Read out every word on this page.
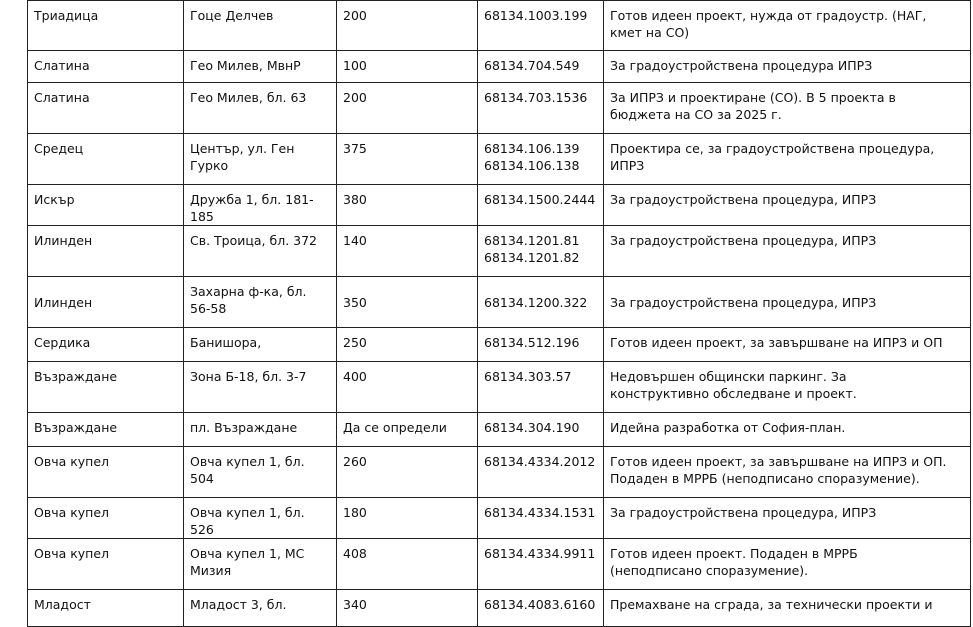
Триадица	Гоце Делчев	200	68134.1003.199	Готов идеен проект, нужда от градоустр. (НАГ,
кмет на СО)

Слатина	Гео Милев, МвнР	100	68134.704.549	За градоустройствена процедура ИПРЗ

Слатина	Гео Милев, бл. 63	200	68134.703.1536	За ИПРЗ и проектиране (СО). В 5 проекта в
бюджета на СО за 2025 г.

Средец	Център, ул. Ген Гурко	375	68134.106.139
68134.106.138	Проектира се, за градоустройствена процедура,
ИПРЗ

Искър	Дружба 1, бл. 181-185	380	68134.1500.2444	За градоустройствена процедура, ИПРЗ

Илинден	Св. Троица, бл. 372	140	68134.1201.81
68134.1201.82	За градоустройствена процедура, ИПРЗ

Илинден	Захарна ф-ка, бл.
56-58	350	68134.1200.322	За градоустройствена процедура, ИПРЗ

Сердика	Банишора,	250	68134.512.196	Готов идеен проект, за завършване на ИПРЗ и ОП

Възраждане	Зона Б-18, бл. 3-7	400	68134.303.57	Недовършен общински паркинг. За
конструктивно обследване и проект.

Възраждане	пл. Възраждане	Да се определи	68134.304.190	Идейна разработка от София-план.

Овча купел	Овча купел 1, бл. 504	260	68134.4334.2012	Готов идеен проект, за завършване на ИПРЗ и ОП.
Подаден в МРРБ (неподписано споразумение).

Овча купел	Овча купел 1, бл. 526	180	68134.4334.1531	За градоустройствена процедура, ИПРЗ

Овча купел	Овча купел 1, МС
Мизия	408	68134.4334.9911	Готов идеен проект. Подаден в МРРБ
(неподписано споразумение).

Младост	Младост 3, бл.	340	68134.4083.6160	Премахване на сграда, за технически проекти и
